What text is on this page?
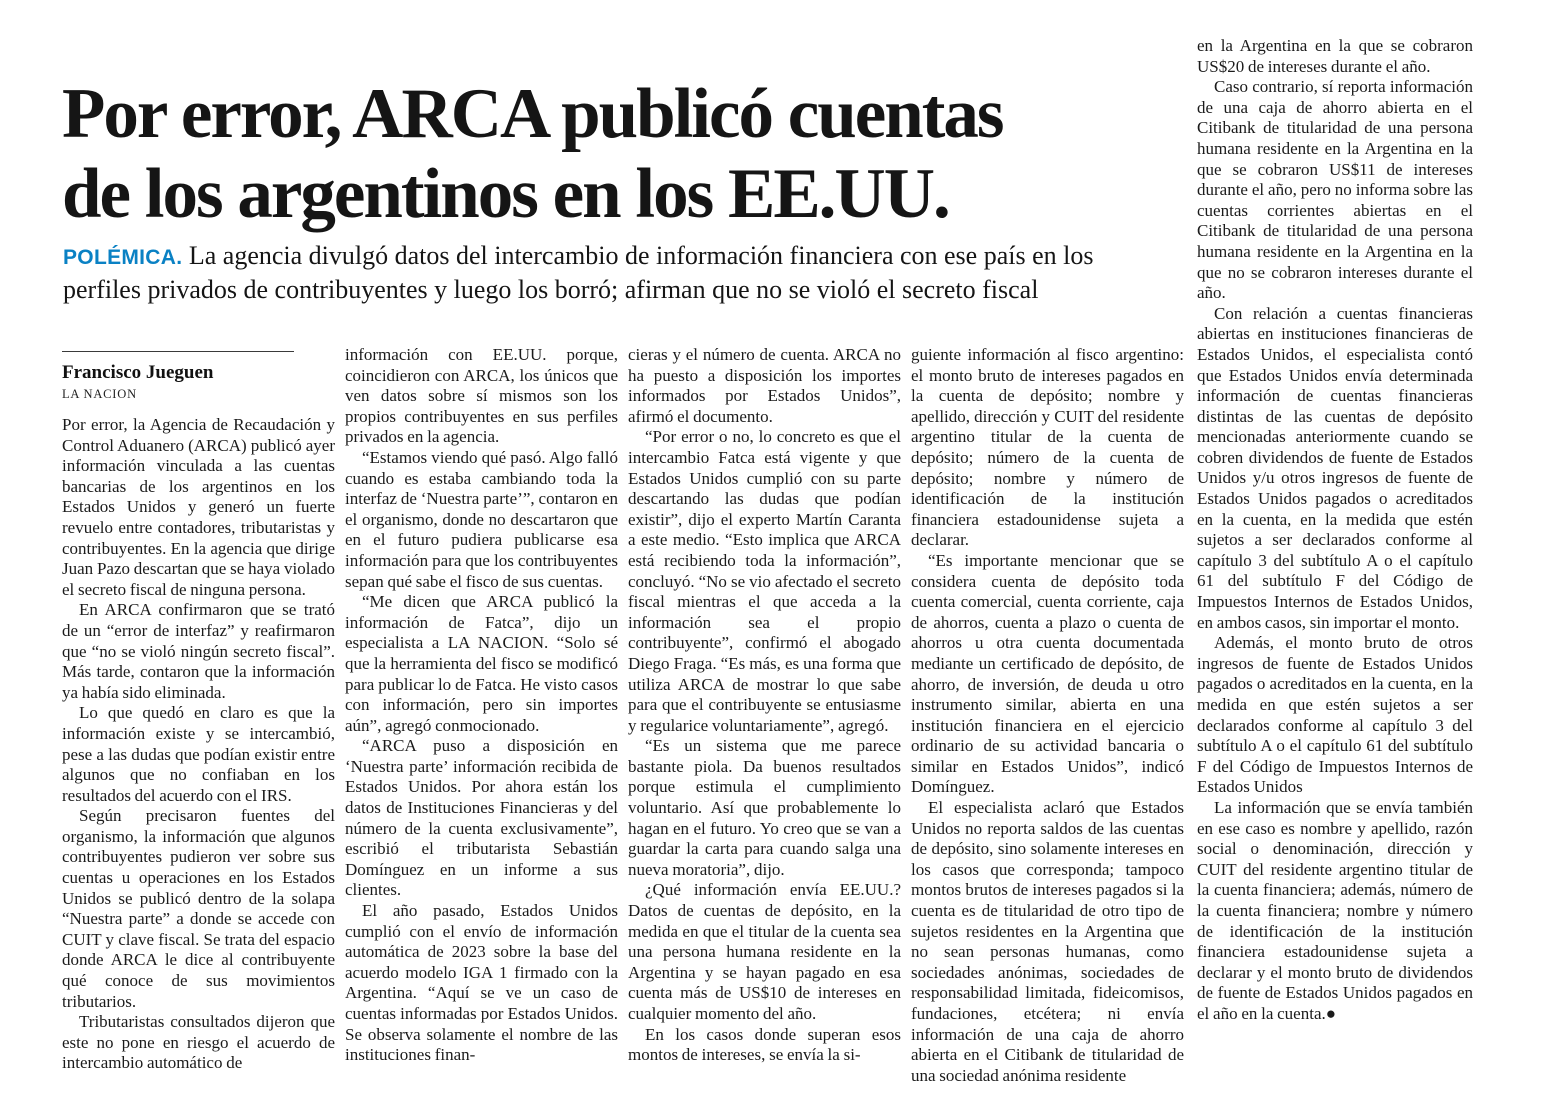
Por error, ARCA publicó cuentas
de los argentinos en los EE.UU.

POLÉMICA. La agencia divulgó datos del intercambio de información financiera con ese país en los perfiles privados de contribuyentes y luego los borró; afirman que no se violó el secreto fiscal

Francisco Jueguen
LA NACION

Por error, la Agencia de Recaudación y Control Aduanero (ARCA) publicó ayer información vinculada a las cuentas bancarias de los argentinos en los Estados Unidos y generó un fuerte revuelo entre contadores, tributaristas y contribuyentes. En la agencia que dirige Juan Pazo descartan que se haya violado el secreto fiscal de ninguna persona.

En ARCA confirmaron que se trató de un “error de interfaz” y reafirmaron que “no se violó ningún secreto fiscal”. Más tarde, contaron que la información ya había sido eliminada.

Lo que quedó en claro es que la información existe y se intercambió, pese a las dudas que podían existir entre algunos que no confiaban en los resultados del acuerdo con el IRS.

Según precisaron fuentes del organismo, la información que algunos contribuyentes pudieron ver sobre sus cuentas u operaciones en los Estados Unidos se publicó dentro de la solapa “Nuestra parte” a donde se accede con CUIT y clave fiscal. Se trata del espacio donde ARCA le dice al contribuyente qué conoce de sus movimientos tributarios.

Tributaristas consultados dijeron que este no pone en riesgo el acuerdo de intercambio automático de

información con EE.UU. porque, coincidieron con ARCA, los únicos que ven datos sobre sí mismos son los propios contribuyentes en sus perfiles privados en la agencia.

“Estamos viendo qué pasó. Algo falló cuando es estaba cambiando toda la interfaz de ‘Nuestra parte’”, contaron en el organismo, donde no descartaron que en el futuro pudiera publicarse esa información para que los contribuyentes sepan qué sabe el fisco de sus cuentas.

“Me dicen que ARCA publicó la información de Fatca”, dijo un especialista a LA NACION. “Solo sé que la herramienta del fisco se modificó para publicar lo de Fatca. He visto casos con información, pero sin importes aún”, agregó conmocionado.

“ARCA puso a disposición en ‘Nuestra parte’ información recibida de Estados Unidos. Por ahora están los datos de Instituciones Financieras y del número de la cuenta exclusivamente”, escribió el tributarista Sebastián Domínguez en un informe a sus clientes.

El año pasado, Estados Unidos cumplió con el envío de información automática de 2023 sobre la base del acuerdo modelo IGA 1 firmado con la Argentina. “Aquí se ve un caso de cuentas informadas por Estados Unidos. Se observa solamente el nombre de las instituciones finan-

cieras y el número de cuenta. ARCA no ha puesto a disposición los importes informados por Estados Unidos”, afirmó el documento.

“Por error o no, lo concreto es que el intercambio Fatca está vigente y que Estados Unidos cumplió con su parte descartando las dudas que podían existir”, dijo el experto Martín Caranta a este medio. “Esto implica que ARCA está recibiendo toda la información”, concluyó. “No se vio afectado el secreto fiscal mientras el que acceda a la información sea el propio contribuyente”, confirmó el abogado Diego Fraga. “Es más, es una forma que utiliza ARCA de mostrar lo que sabe para que el contribuyente se entusiasme y regularice voluntariamente”, agregó.

“Es un sistema que me parece bastante piola. Da buenos resultados porque estimula el cumplimiento voluntario. Así que probablemente lo hagan en el futuro. Yo creo que se van a guardar la carta para cuando salga una nueva moratoria”, dijo.

¿Qué información envía EE.UU.? Datos de cuentas de depósito, en la medida en que el titular de la cuenta sea una persona humana residente en la Argentina y se hayan pagado en esa cuenta más de US$10 de intereses en cualquier momento del año.

En los casos donde superan esos montos de intereses, se envía la si-

guiente información al fisco argentino: el monto bruto de intereses pagados en la cuenta de depósito; nombre y apellido, dirección y CUIT del residente argentino titular de la cuenta de depósito; número de la cuenta de depósito; nombre y número de identificación de la institución financiera estadounidense sujeta a declarar.

“Es importante mencionar que se considera cuenta de depósito toda cuenta comercial, cuenta corriente, caja de ahorros, cuenta a plazo o cuenta de ahorros u otra cuenta documentada mediante un certificado de depósito, de ahorro, de inversión, de deuda u otro instrumento similar, abierta en una institución financiera en el ejercicio ordinario de su actividad bancaria o similar en Estados Unidos”, indicó Domínguez.

El especialista aclaró que Estados Unidos no reporta saldos de las cuentas de depósito, sino solamente intereses en los casos que corresponda; tampoco montos brutos de intereses pagados si la cuenta es de titularidad de otro tipo de sujetos residentes en la Argentina que no sean personas humanas, como sociedades anónimas, sociedades de responsabilidad limitada, fideicomisos, fundaciones, etcétera; ni envía información de una caja de ahorro abierta en el Citibank de titularidad de una sociedad anónima residente

en la Argentina en la que se cobraron US$20 de intereses durante el año.

Caso contrario, sí reporta información de una caja de ahorro abierta en el Citibank de titularidad de una persona humana residente en la Argentina en la que se cobraron US$11 de intereses durante el año, pero no informa sobre las cuentas corrientes abiertas en el Citibank de titularidad de una persona humana residente en la Argentina en la que no se cobraron intereses durante el año.

Con relación a cuentas financieras abiertas en instituciones financieras de Estados Unidos, el especialista contó que Estados Unidos envía determinada información de cuentas financieras distintas de las cuentas de depósito mencionadas anteriormente cuando se cobren dividendos de fuente de Estados Unidos y/u otros ingresos de fuente de Estados Unidos pagados o acreditados en la cuenta, en la medida que estén sujetos a ser declarados conforme al capítulo 3 del subtítulo A o el capítulo 61 del subtítulo F del Código de Impuestos Internos de Estados Unidos, en ambos casos, sin importar el monto.

Además, el monto bruto de otros ingresos de fuente de Estados Unidos pagados o acreditados en la cuenta, en la medida en que estén sujetos a ser declarados conforme al capítulo 3 del subtítulo A o el capítulo 61 del subtítulo F del Código de Impuestos Internos de Estados Unidos

La información que se envía también en ese caso es nombre y apellido, razón social o denominación, dirección y CUIT del residente argentino titular de la cuenta financiera; además, número de la cuenta financiera; nombre y número de identificación de la institución financiera estadounidense sujeta a declarar y el monto bruto de dividendos de fuente de Estados Unidos pagados en el año en la cuenta.●
